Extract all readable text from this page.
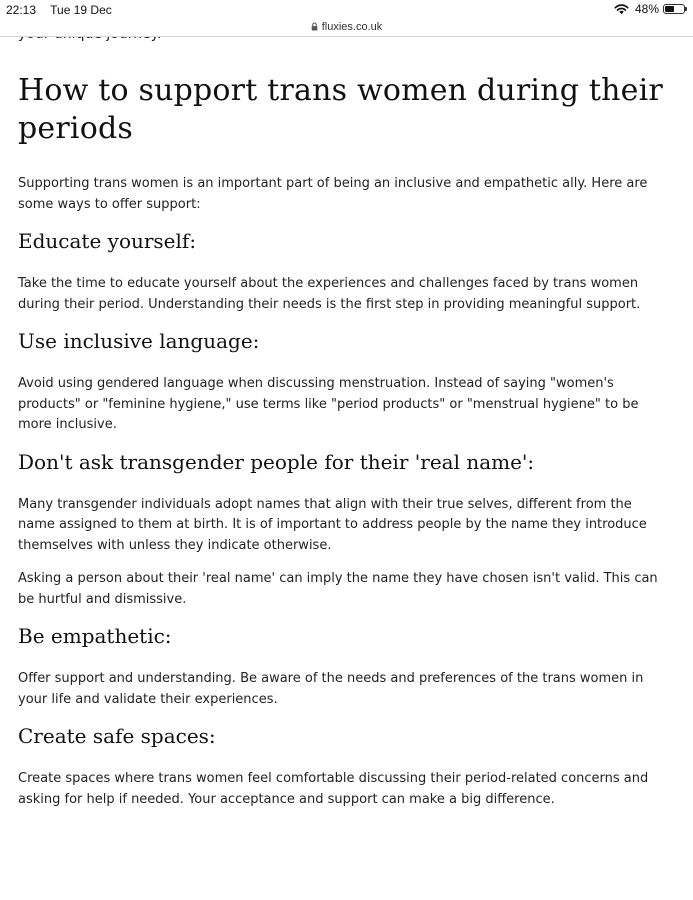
22:13 Tue 19 Dec	48%
fluxies.co.uk
How to support trans women during their periods

Supporting trans women is an important part of being an inclusive and empathetic ally. Here are some ways to offer support:

Educate yourself:

Take the time to educate yourself about the experiences and challenges faced by trans women during their period. Understanding their needs is the first step in providing meaningful support.

Use inclusive language:

Avoid using gendered language when discussing menstruation. Instead of saying "women's products" or "feminine hygiene," use terms like "period products" or "menstrual hygiene" to be more inclusive.

Don't ask transgender people for their 'real name':

Many transgender individuals adopt names that align with their true selves, different from the name assigned to them at birth. It is of important to address people by the name they introduce themselves with unless they indicate otherwise.

Asking a person about their 'real name' can imply the name they have chosen isn't valid. This can be hurtful and dismissive.

Be empathetic:

Offer support and understanding. Be aware of the needs and preferences of the trans women in your life and validate their experiences.

Create safe spaces:

Create spaces where trans women feel comfortable discussing their period-related concerns and asking for help if needed. Your acceptance and support can make a big difference.
